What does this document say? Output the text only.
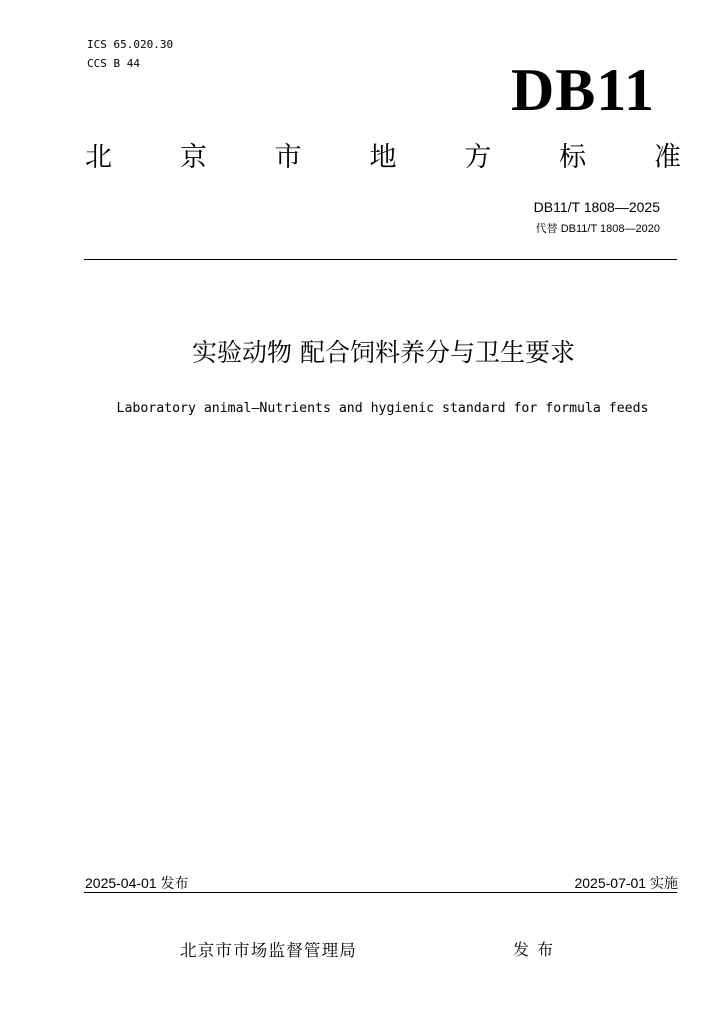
ICS 65.020.30
CCS B 44	DB11
北	京	市	地	方	标	准
DB11/T 1808—2025
代替 DB11/T 1808—2020
实验动物 配合饲料养分与卫生要求
Laboratory animal—Nutrients and hygienic standard for formula feeds
2025-04-01 发布	2025-07-01 实施
北京市市场监督管理局	发布
